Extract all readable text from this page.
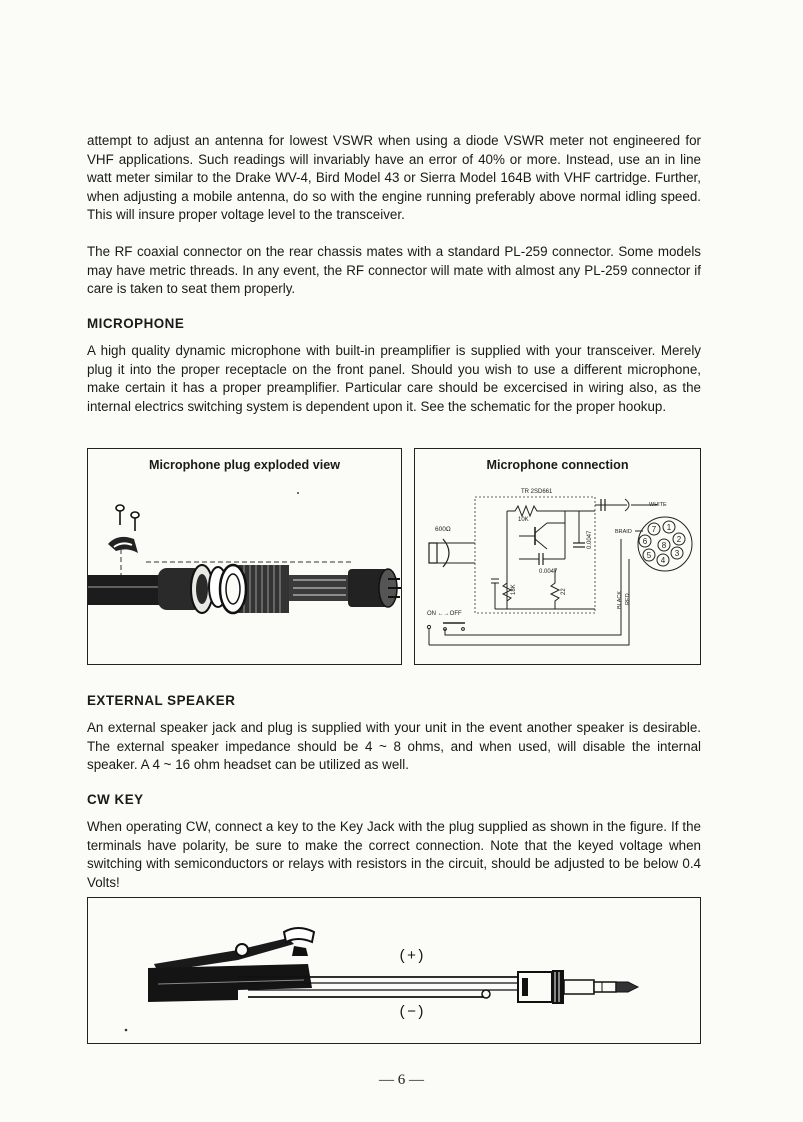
attempt to adjust an antenna for lowest VSWR when using a diode VSWR meter not engineered for VHF applications. Such readings will invariably have an error of 40% or more. Instead, use an in line watt meter similar to the Drake WV-4, Bird Model 43 or Sierra Model 164B with VHF cartridge. Further, when adjusting a mobile antenna, do so with the engine running preferably above normal idling speed. This will insure proper voltage level to the transceiver.

The RF coaxial connector on the rear chassis mates with a standard PL-259 connector. Some models may have metric threads. In any event, the RF connector will mate with almost any PL-259 connector if care is taken to seat them properly.

MICROPHONE

A high quality dynamic microphone with built-in preamplifier is supplied with your transceiver. Merely plug it into the proper receptacle on the front panel. Should you wish to use a different microphone, make certain it has a proper preamplifier. Particular care should be excercised in wiring also, as the internal electrics switching system is dependent upon it. See the schematic for the proper hookup.

Microphone plug exploded view	Microphone connection
TR 2SD661
10K
600Ω
0.0047
0.0047
18K	22
WHITE
ON ←→OFF
BLACK RED
BRAID 7 1
6 8
2
5
4
3
EXTERNAL SPEAKER

An external speaker jack and plug is supplied with your unit in the event another speaker is desirable. The external speaker impedance should be 4 ~ 8 ohms, and when used, will disable the internal speaker. A 4 ~ 16 ohm headset can be utilized as well.

CW KEY

When operating CW, connect a key to the Key Jack with the plug supplied as shown in the figure. If the terminals have polarity, be sure to make the correct connection. Note that the keyed voltage when switching with semiconductors or relays with resistors in the circuit, should be adjusted to be below 0.4 Volts!

(+)
(−)
— 6 —
